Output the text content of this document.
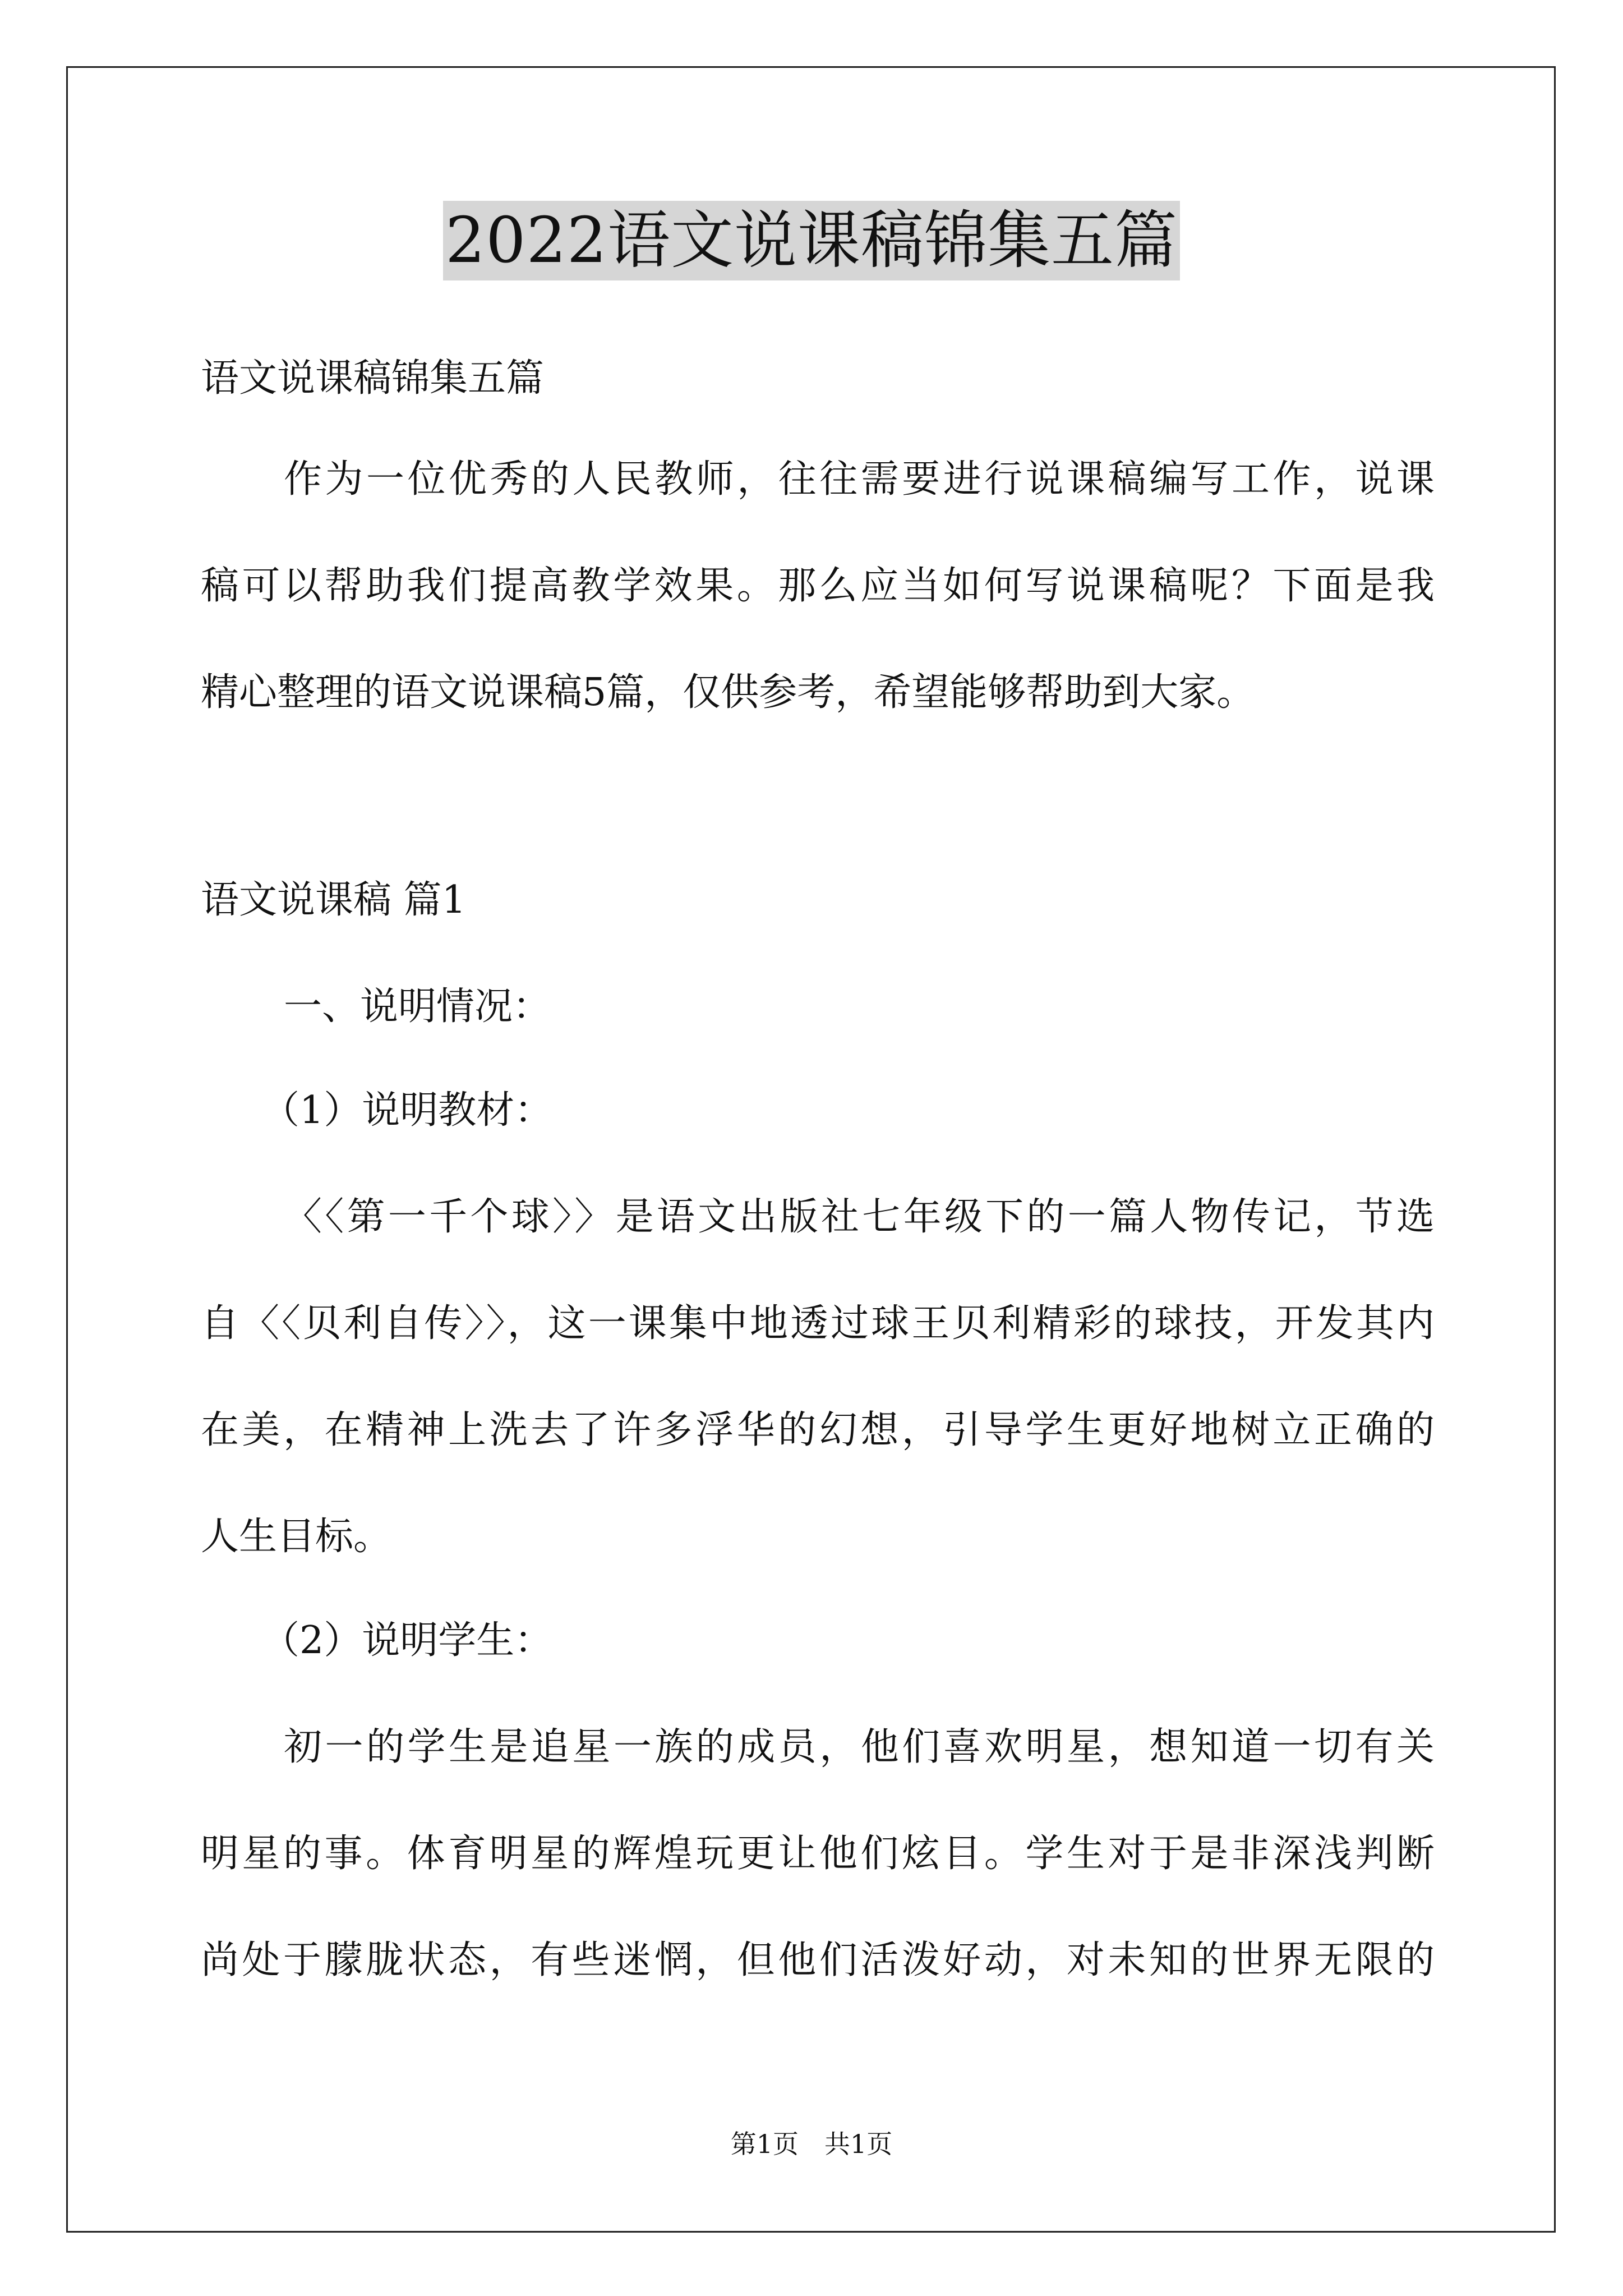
2022语文说课稿锦集五篇
语文说课稿锦集五篇
作为一位优秀的人民教师，往往需要进行说课稿编写工作，说课
稿可以帮助我们提高教学效果。那么应当如何写说课稿呢？下面是我
精心整理的语文说课稿5篇，仅供参考，希望能够帮助到大家。
语文说课稿 篇1
一、说明情况：
（1）说明教材：
〈〈第一千个球〉〉是语文出版社七年级下的一篇人物传记，节选
自〈〈贝利自传〉〉，这一课集中地透过球王贝利精彩的球技，开发其内
在美，在精神上洗去了许多浮华的幻想，引导学生更好地树立正确的
人生目标。
（2）说明学生：
初一的学生是追星一族的成员，他们喜欢明星，想知道一切有关
明星的事。体育明星的辉煌玩更让他们炫目。学生对于是非深浅判断
尚处于朦胧状态，有些迷惘，但他们活泼好动，对未知的世界无限的
第1页　共1页
